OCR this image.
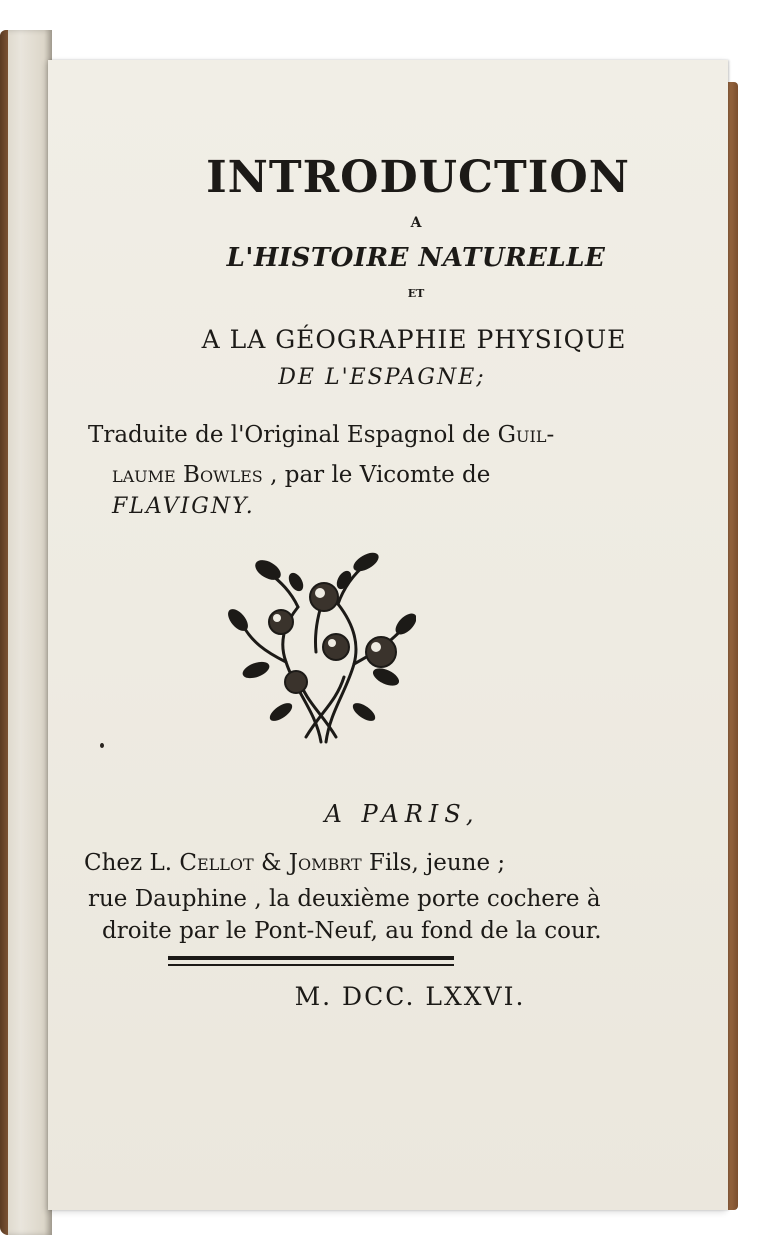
INTRODUCTION
A
L'HISTOIRE NATURELLE
ET
A LA GÉOGRAPHIE PHYSIQUE
DE L'ESPAGNE;
Traduite de l'Original Espagnol de Guil-
laume Bowles , par le Vicomte de
FLAVIGNY.
A PARIS,
Chez L. Cellot & Jombrt Fils, jeune ;
rue Dauphine , la deuxième porte cochere à
droite par le Pont-Neuf, au fond de la cour.
M. DCC. LXXVI.
